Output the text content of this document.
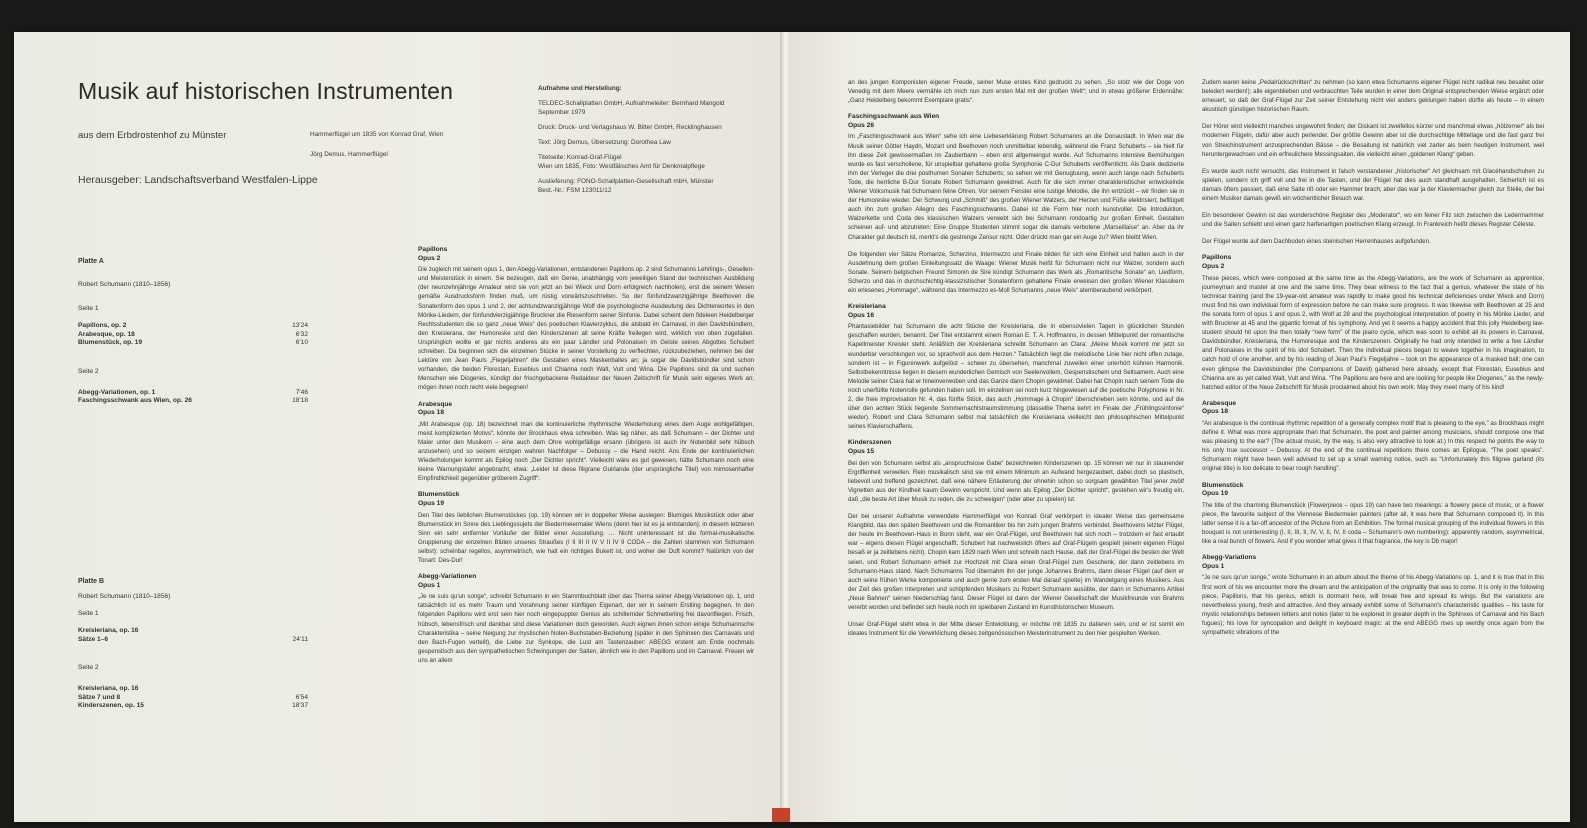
Musik auf historischen Instrumenten
aus dem Erbdrostenhof zu Münster
Herausgeber: Landschaftsverband Westfalen-Lippe
Hammerflügel um 1835 von Konrad Graf, Wien
Jörg Demus, Hammerflügel
Aufnahme und Herstellung:
TELDEC-Schallplatten GmbH, Aufnahmeleiter: Bernhard Mangold
September 1979
Druck: Druck- und Verlagshaus W. Bitter GmbH, Recklinghausen
Text: Jörg Demus, Übersetzung: Dorothea Law
Titelseite: Konrad-Graf-Flügel
Wien um 1835, Foto: Westfälisches Amt für Denkmalpflege
Auslieferung: FONO-Schallplatten-Gesellschaft mbH, Münster
Best.-Nr.: FSM 123011/12
Platte A
Robert Schumann (1810–1856)
Seite 1
Papillons, op. 2	13'24
Arabesque, op. 18	6'32
Blumenstück, op. 19	6'10
Seite 2
Abegg-Variationen, op. 1	7'46
Faschingsschwank aus Wien, op. 26	18'18
Platte B
Robert Schumann (1810–1856)
Seite 1
Kreisleriana, op. 16
Sätze 1–6	24'11
Seite 2
Kreisleriana, op. 16
Sätze 7 und 8	6'54
Kinderszenen, op. 15	18'37
Papillons
Opus 2

Die zugleich mit seinem opus 1, den Abegg-Variationen, entstandenen Papillons op. 2 sind Schumanns Lehrlings-, Gesellen- und Meisterstück in einem. Sie bezeugen, daß ein Genie, unabhängig vom jeweiligen Stand der technischen Ausbildung (der neunzehnjährige Amateur wird sie von jetzt an bei Wieck und Dorn erfolgreich nachholen), erst die seinem Wesen gemäße Ausdrucksform finden muß, um rüstig vorwärtszuschreiten. So der fünfundzwanzigjährige Beethoven die Sonatenform des opus 1 und 2, der achtundzwanzigjährige Wolf die psychologische Ausdeutung des Dichterwortes in den Mörike-Liedern, der fünfundvierzigjährige Bruckner die Riesenform seiner Sinfonie. Dabei scheint dem fideleen Heidelberger Rechtsstudenten die so ganz „neue Weis“ des poetischen Klavierzyklus, die alsbald im Carnaval, in den Davidsbündlern, den Kreislerana, der Humoreske und den Kinderszenen all seine Kräfte freilegen wird, wirklich von oben zugefallen. Ursprünglich wollte er gar nichts anderes als ein paar Ländler und Polonaisen im Geiste seines Abgottes Schubert schreiben. Da beginnen sich die einzelnen Stücke in seiner Vorstellung zu verflechten, rückzubeziehen, nehmen bei der Lektüre von Jean Pauls „Flegeljahren“ die Gestalten eines Maskenballes an; ja sogar die Davidsbündler sind schon vorhanden, die beiden Florestan, Eusebius und Chiarina noch Walt, Vult und Wina. Die Papillons sind da und suchen Menschen wie Diogenes, kündigt der frischgebackene Redakteur der Neuen Zeitschrift für Musik sein eigenes Werk an; mögen ihnen noch recht viele begegnen!

Arabesque
Opus 18

„Mit Arabesque (op. 18) bezeichnet man die kontinuierliche rhythmische Wiederholung eines dem Auge wohlgefälligen, meist komplizierten Motivs“, könnte der Brockhaus etwa schreiben. Was lag näher, als daß Schumann – der Dichter und Maler unter den Musikern – eine auch dem Ohre wohlgefällige ersann (übrigens ist auch ihr Notenbild sehr hübsch anzusehen) und so seinem einzigen wahren Nachfolger – Debussy – die Hand reicht. Ans Ende der kontinuierlichen Wiederholungen kommt als Epilog noch „Der Dichter spricht“. Vielleicht wäre es gut gewesen, hätte Schumann noch eine kleine Warnungstafel angebracht, etwa: „Leider ist diese filigrane Guirlande (der ursprüngliche Titel) von mimosenhafter Empfindlichkeit gegenüber gröberem Zugriff“.

Blumenstück
Opus 19

Den Titel des lieblichen Blumenstückes (op. 19) können wir in doppelter Weise auslegen: Blumiges Musikstück oder aber Blumenstück im Sinne des Lieblingssujets der Biedermeiermaler Wiens (denn hier ist es ja entstanden); in diesem letzteren Sinn ein sehr entfernter Vorläufer der Bilder einer Ausstellung. … Nicht uninteressant ist die formal-musikalische Gruppierung der einzelnen Blüten unseres Straußes (I II III II IV V II IV II CODA – die Zahlen stammen von Schumann selbst): scheinbar regellos, asymmetrisch, wie halt ein richtiges Bukett ist, und woher der Duft kommt? Natürlich von der Tonart: Des-Dur!

Abegg-Variationen
Opus 1

„Je ne suis qu'un songe“, schreibt Schumann in ein Stammbuchblatt über das Thema seiner Abegg-Variationen op. 1, und tatsächlich ist es mehr Traum und Vorahnung seiner künftigen Eigenart, der wir in seinem Erstling begegnen. In den folgenden Papillons wird erst sein hier noch eingepuppter Genius als schillernder Schmetterling frei davonfliegen. Frisch, hübsch, lebensfrisch und dankbar sind diese Variationen doch geworden. Auch eignen ihnen schon einige Schumannsche Charakteristika – seine Neigung zur mystischen Noten-Buchstaben-Beziehung (später in den Sphinxen des Carnavals und den Bach-Fugen verteilt), die Liebe zur Synkope, die Lust am Tastenzauber: ABEGG erstent am Ende nochmals gespenstisch aus den sympathetischen Schwingungen der Saiten, ähnlich wie in den Papillons und im Carnaval. Freuen wir uns an allem

an des jungen Komponisten eigener Freude, seiner Muse erstes Kind gedruckt zu sehen. „So stolz wie der Doge von Venedig mit dem Meere vermähle ich mich nun zum ersten Mal mit der großen Welt“; und in etwas größerer Erdennähe: „Ganz Heidelberg bekommt Exemplare gratis“.

Faschingsschwank aus Wien
Opus 26

Im „Faschingsschwank aus Wien“ sehe ich eine Liebeserklärung Robert Schumanns an die Donaustadt. In Wien war die Musik seiner Götter Haydn, Mozart und Beethoven noch unmittelbar lebendig, während die Franz Schuberts – sie hielt für ihn diese Zeit gewissermaßen im Zauberbann – eben erst allgemeingut wurde. Auf Schumanns intensive Bemühungen wurde es fast verschollene, für unspielbar gehaltene große Symphonie C-Dur Schuberts veröffentlicht. Als Dank dedizierte ihm der Verleger die drei posthumen Sonaten Schuberts; so sehen wir mit Genugtuung, wenn auch lange nach Schuberts Tode, die herrliche B-Dur Sonate Robert Schumann gewidmet. Auch für die sich immer charakteristischer entwickelnde Wiener Volksmusik hat Schumann feine Ohren. Vor seinem Fenster eine lustige Melodie, die ihn entzückt – wir finden sie in der Humoreske wieder. Der Schwung und „Schmiß“ des großen Wiener Walzers, der Herzen und Füße elektrisiert, befllügelt auch ihn zum großen Allegro des Faschingsschwanks. Dabei ist die Form hier noch kunstvoller. Die Introduktion, Walzerkette und Coda des klassischen Walzers verwebt sich bei Schumann rondoartig zur großen Einheit. Gestalten scheinen auf- und abzutreten: Eine Gruppe Studenten stimmt sogar die damals verbotene „Marseillaise“ an. Aber da ihr Charakter gut deutsch ist, merkt's die gestrenge Zensur nicht. Oder drückt man gar ein Auge zu? Wien bleibt Wien.

Die folgenden vier Sätze Romanze, Scherzino, Intermezzo und Finale bilden für sich eine Einheit und halten auch in der Ausdehnung dem großen Einleitungssatz die Waage: Wiener Musik heißt für Schumann nicht nur Walzer, sondern auch Sonate. Seinem belgischen Freund Simonin de Sire kündigt Schumann das Werk als „Romantische Sonate“ an. Liedform, Scherzo und das in durchschichtig-klassizistischer Sonatenform gehaltene Finale erweisen den großen Wiener Klassikern ein erlesenes „Hommage“, während das Intermezzo es-Moll Schumanns „neue Weis“ atemberaubend verkörpert.

Kreisleriana
Opus 16

Phantasiebilder hat Schumann die acht Stücke der Kreisleriana, die in ebensovielen Tagen in glücklichen Stunden geschaffen wurden, benannt. Der Titel entstammt einem Roman E. T. A. Hoffmanns, in dessen Mittelpunkt der romantische Kapellmeister Kreisler steht. Anläßlich der Kreisleriana schreibt Schumann an Clara: „Meine Musik kommt mir jetzt so wunderbar verschlungen vor, so sprachvoll aus dem Herzen.“ Tatsächlich liegt die melodische Linie hier nicht offen zutage, sondern ist – in Figurenwerk aufgelöst – schwer zu übersehen, manchmal zuweilen einer unerhört kühnen Harmonik. Selbstbekenntnisse liegen in diesem wunderlichen Gemisch von Seelenvollem, Gespenstischem und Seltsamem. Auch eine Melodie seiner Clara hat er hineinverwoben und das Ganze dann Chopin gewidmet. Dabei hat Chopin nach seinem Tode die noch unerfüllte Notenrolle gefunden haben soll. Im einzelnen sei noch kurz hingewiesen auf die poetische Polyphonie in Nr. 2, die freie Improvisation Nr. 4, das fünfte Stück, das auch „Hommage à Chopin“ überschrieben sein könnte, und auf die über den achten Stück liegende Sommernachtstraumstimmung (dasselbe Thema kehrt im Finale der „Frühlingssinfonie“ wieder). Robert und Clara Schumann selbst mal tatsächlich die Kreisleriana vielleicht den philosophischen Mittelpunkt seines Klavierschaffens.

Kinderszenen
Opus 15

Bei den von Schumann selbst als „anspruchslose Gabe“ bezeichneten Kinderszenen op. 15 können wir nur in staunender Ergriffenheit verweilen. Rein musikalisch sind sie mit einem Minimum an Aufwand hergezaubert, dabei doch so plastisch, liebevoll und treffend gezeichnet, daß eine nähere Erläuterung der ohnehin schon so sorgsam gewählten Titel jener zwölf Vignetten aus der Kindheit kaum Gewinn verspricht. Und wenn als Epilog „Der Dichter spricht“, gestehen wir's freudig ein, daß „die beste Art über Musik zu reden, die zu schweigen“ (oder aber zu spielen) ist.

Der bei unserer Aufnahme verwendete Hammerflügel von Konrad Graf verkörpert in idealer Weise das gemeinsame Klangbild, das den späten Beethoven und die Romantiker bis hin zum jungen Brahms verbindet. Beethovens letzter Flügel, der heute im Beethoven-Haus in Bonn steht, war ein Graf-Flügel, und Beethoven hat sich noch – trotzdem er fast ertaubt war – eigens diesen Flügel angeschafft. Schubert hat nachweislich öfters auf Graf-Flügeln gespielt (einem eigenen Flügel besaß er ja zeitlebens nicht). Chopin kam 1829 nach Wien und schreib nach Hause, daß der Graf-Flügel die besten der Welt seien, und Robert Schumann erhielt zur Hochzeit mit Clara einen Graf-Flügel zum Geschenk, der dann zeitlebens im Schumann-Haus stand. Nach Schumanns Tod übernahm ihn der junge Johannes Brahms, dann dieser Flügel (auf dem er auch seine frühen Werke komponierte und auch gerne zum ersten Mal darauf spielte) im Wandelgang eines Musikers. Aus der Zeit des großen Interpreten und schöpfenden Musikers zu Robert Schumann ausübte, der dann in Schumanns Artikel „Neue Bahnen“ seinen Niederschlag fand. Dieser Flügel ist dann der Wiener Gesellschaft der Musikfreunde von Brahms vererbt worden und befindet sich heute noch im spielbaren Zustand im Kunsthistorischen Museum.

Unser Graf-Flügel steht etwa in der Mitte dieser Entwicklung, er möchte mit 1835 zu datieren sein, und er ist somit ein ideales Instrument für die Verwirklichung dieses zeitgenössischen Meisterinstrument zu den hier gespielten Werken.

Zudem waren keine „Pedalrückschritten“ zu nehmen (so kann etwa Schumanns eigener Flügel nicht radikal neu besaitet oder beledert werden!); alle eigenblieben und verbrauchten Teile wurden in einer dem Original entsprechenden Weise ergänzt oder erneuert, so daß der Graf-Flügel zur Zeit seiner Entstehung nicht viel anders geklungen haben dürfte als heute – in einem akustisch günstigen historischen Raum.

Der Hörer wird vielleicht manches ungewohnt finden; der Diskant ist zweifellos kürzer und manchmal etwas „hölzerner“ als bei modernen Flügeln, dafür aber auch perlender. Der größte Gewinn aber ist die durchsichtige Mittellage und die fast ganz frei von Streichinstrument anzusprechenden Bässe – die Besaitung ist natürlich viel zarter als beim heutigen Instrument, weil heruntergewachsen und ein erfreulichere Messingsaiten, die vielleicht einen „goldenen Klang“ geben.

Es wurde auch nicht versucht, das Instrument in falsch verstandener „historischer“ Art gleichsam mit Glacéhandschuhen zu spielen, sondern ich griff voll und frei in die Tasten, und der Flügel hat dies auch standhaft ausgehalten. Sicherlich ist es damals öfters passiert, daß eine Saite riß oder ein Hammer brach; aber das war ja der Klaviermacher gleich zur Stelle, der bei einem Musiker damals gewiß ein wöchentlicher Besuch war.

Ein besonderer Gewinn ist das wunderschöne Register des „Moderator“, wo ein feiner Filz sich zwischen die Ledermammer und die Saiten schiebt und einen ganz harfenartigen poetischen Klang erzeugt. In Frankreich heißt dieses Register Céleste.

Der Flügel wurde auf dem Dachboden eines steinischen Herrenhauses aufgefunden.

Papillons
Opus 2

These pieces, which were composed at the same time as the Abegg-Variations, are the work of Schumann as apprentice, journeyman and master at one and the same time. They bear witness to the fact that a genius, whatever the state of his technical training (and the 19-year-old amateur was rapidly to make good his technical deficiencies under Wieck and Dorn) must find his own individual form of expression before he can make sure progress. It was likewise with Beethoven at 25 and the sonata form of opus 1 and opus 2, with Wolf at 28 and the psychological interpretation of poetry in his Mörike Lieder, and with Bruckner at 45 and the gigantic format of his symphony. And yet it seems a happy accident that this jolly Heidelberg law-student should hit upon the then totally “new form” of the piano cycle, which was soon to exhibit all its powers in Carnaval, Davidsbündler, Kreisleriana, the Humoresque and the Kinderszenen. Originally he had only intended to write a few Ländler and Polonaises in the spirit of his idol Schubert. Then the individual pieces began to weave together in his imagination, to catch hold of one another, and by his reading of Jean Paul's Flegeljahre – took on the appearance of a masked ball; one can even glimpse the Davidsbündler (the Companions of David) gathered here already, except that Florestan, Eusebius and Chiarina are as yet called Walt, Vult and Wina. “The Papillons are here and are looking for people like Diogenes,” as the newly-hatched editor of the Neue Zeitschrift für Musik proclaimed about his own work. May they meet many of his kind!

Arabesque
Opus 18

“An arabesque is the continual rhythmic repetition of a generally complex motif that is pleasing to the eye,” as Brockhaus might define it. What was more appropriate than that Schumann, the poet and painter among musicians, should compose one that was pleasing to the ear? (The actual music, by the way, is also very attractive to look at.) In this respect he points the way to his only true successor – Debussy. At the end of the continual repetitions there comes an Epilogue, “The poet speaks”. Schumann might have been well advised to set up a small warning notice, such as “Unfortunately this filigree garland (its original title) is too delicate to bear rough handling”.

Blumenstück
Opus 19

The title of the charming Blumenstück (Flowerpiece – opus 19) can have two meanings: a flowery piece of music, or a flower piece, the favourite subject of the Viennese Biedermeier painters (after all, it was here that Schumann composed it). In this latter sense it is a far-off ancestor of the Picture from an Exhibition. The formal musical grouping of the individual flowers in this bouquet is not uninteresting (I, II, III, II, IV, V, II, IV, II coda – Schumann's own numbering): apparently random, asymmetrical, like a real bunch of flowers. And if you wonder what gives it that fragrance, the key is Db major!

Abegg-Variations
Opus 1

“Je ne suis qu'un songe,” wrote Schumann in an album about the theme of his Abegg-Variations op. 1, and it is true that in this first work of his we encounter more the dream and the anticipation of the originality that was to come. It is only in the following piece, Papillons, that his genius, which is dormant here, will break free and spread its wings. But the variations are nevertheless young, fresh and attractive. And they already exhibit some of Schumann's characteristic qualities – his taste for mystic relationships between letters and notes (later to be explored in greater depth in the Sphinxes of Carnaval and his Bach fugues); his love for syncopation and delight in keyboard magic: at the end ABEGG rises up weirdly once again from the sympathetic vibrations of the
